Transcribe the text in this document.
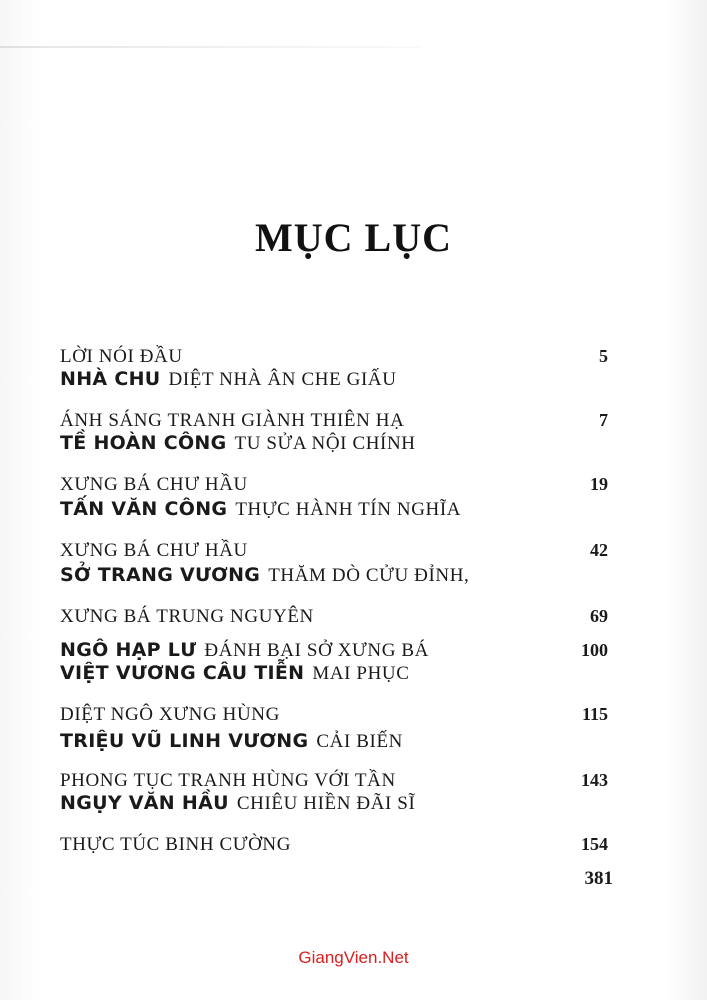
MỤC LỤC
LỜI NÓI ĐẦU	5
NHÀ CHU DIỆT NHÀ ÂN CHE GIẤU
ÁNH SÁNG TRANH GIÀNH THIÊN HẠ	7
TỀ HOÀN CÔNG TU SỬA NỘI CHÍNH
XƯNG BÁ CHƯ HẦU	19
TẤN VĂN CÔNG THỰC HÀNH TÍN NGHĨA
XƯNG BÁ CHƯ HẦU	42
SỞ TRANG VƯƠNG THĂM DÒ CỬU ĐỈNH,
XƯNG BÁ TRUNG NGUYÊN	69
NGÔ HẠP LƯ ĐÁNH BẠI SỞ XƯNG BÁ	100
VIỆT VƯƠNG CÂU TIỄN MAI PHỤC
DIỆT NGÔ XƯNG HÙNG	115
TRIỆU VŨ LINH VƯƠNG CẢI BIẾN
PHONG TỤC TRANH HÙNG VỚI TẦN	143
NGỤY VĂN HẦU CHIÊU HIỀN ĐÃI SĨ
THỰC TÚC BINH CƯỜNG	154
381
GiangVien.Net
